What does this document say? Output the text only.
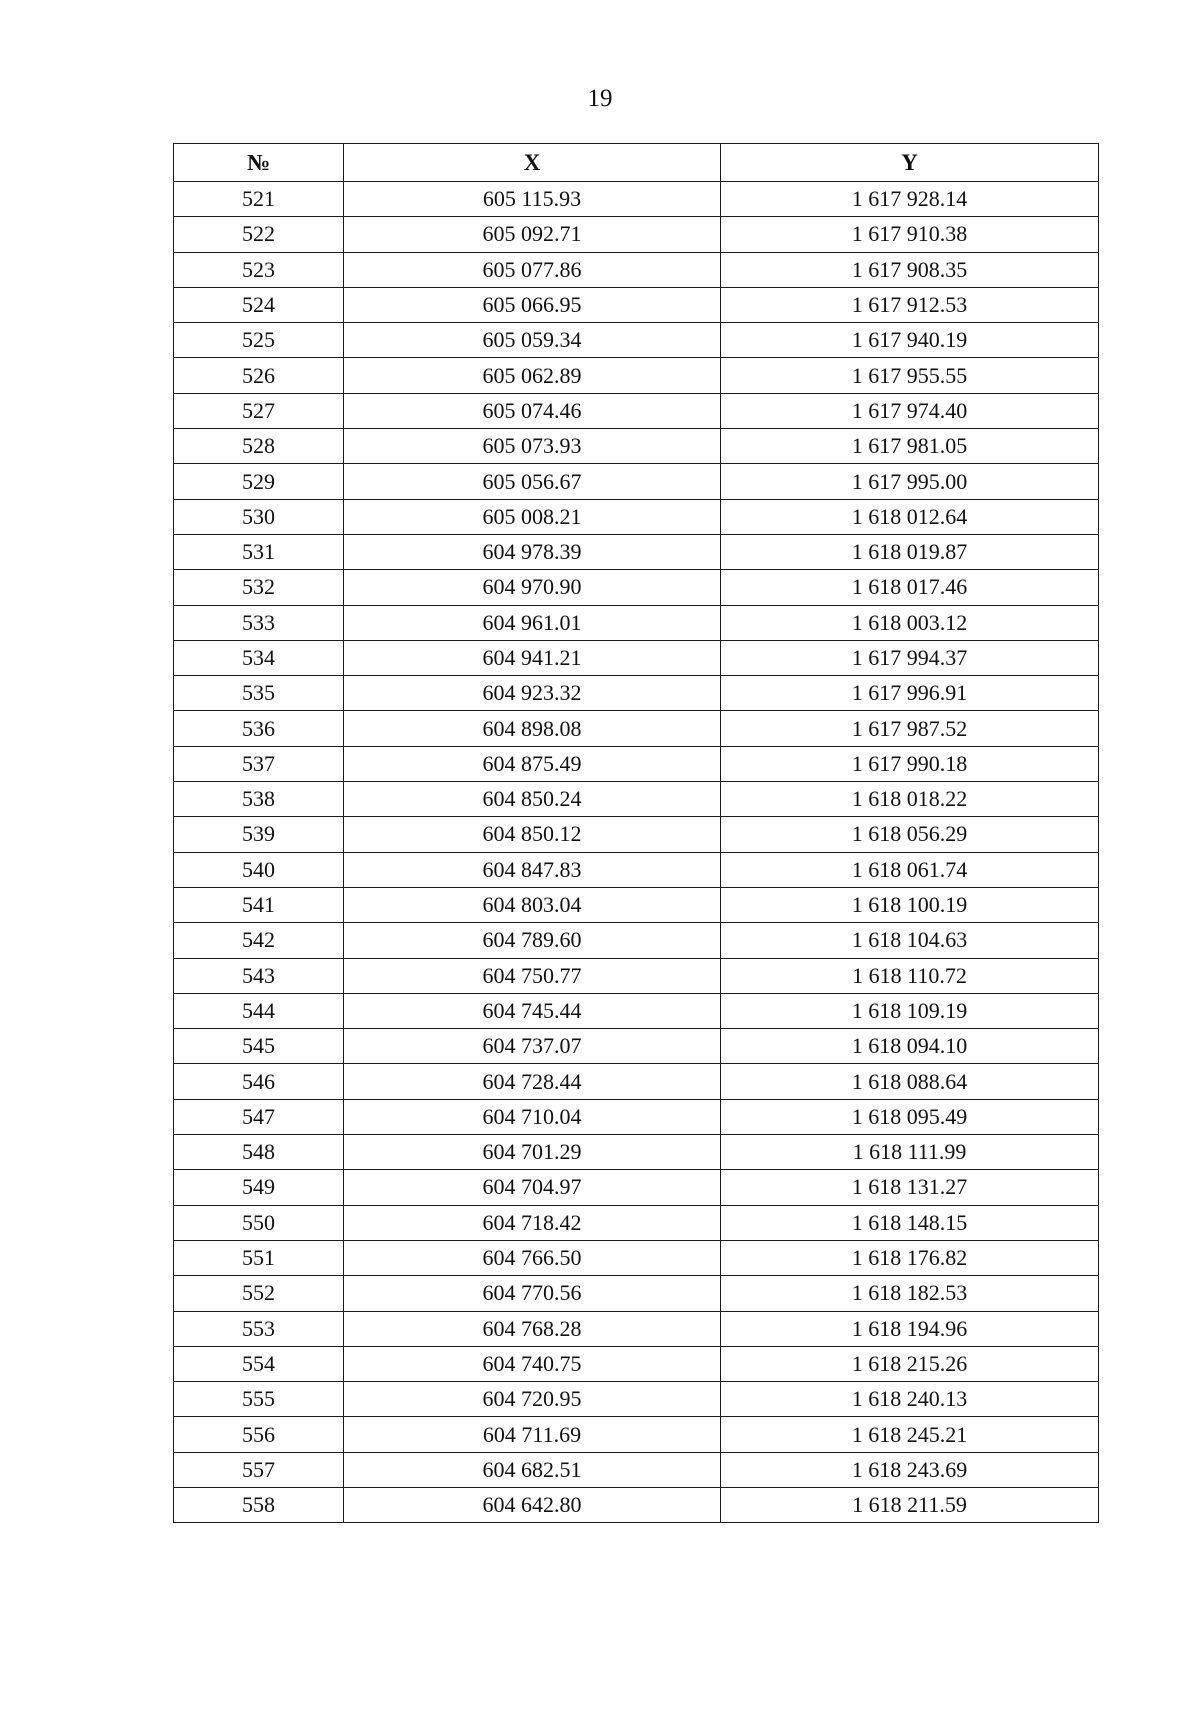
19
№	X	Y
521	605 115.93	1 617 928.14
522	605 092.71	1 617 910.38
523	605 077.86	1 617 908.35
524	605 066.95	1 617 912.53
525	605 059.34	1 617 940.19
526	605 062.89	1 617 955.55
527	605 074.46	1 617 974.40
528	605 073.93	1 617 981.05
529	605 056.67	1 617 995.00
530	605 008.21	1 618 012.64
531	604 978.39	1 618 019.87
532	604 970.90	1 618 017.46
533	604 961.01	1 618 003.12
534	604 941.21	1 617 994.37
535	604 923.32	1 617 996.91
536	604 898.08	1 617 987.52
537	604 875.49	1 617 990.18
538	604 850.24	1 618 018.22
539	604 850.12	1 618 056.29
540	604 847.83	1 618 061.74
541	604 803.04	1 618 100.19
542	604 789.60	1 618 104.63
543	604 750.77	1 618 110.72
544	604 745.44	1 618 109.19
545	604 737.07	1 618 094.10
546	604 728.44	1 618 088.64
547	604 710.04	1 618 095.49
548	604 701.29	1 618 111.99
549	604 704.97	1 618 131.27
550	604 718.42	1 618 148.15
551	604 766.50	1 618 176.82
552	604 770.56	1 618 182.53
553	604 768.28	1 618 194.96
554	604 740.75	1 618 215.26
555	604 720.95	1 618 240.13
556	604 711.69	1 618 245.21
557	604 682.51	1 618 243.69
558	604 642.80	1 618 211.59
